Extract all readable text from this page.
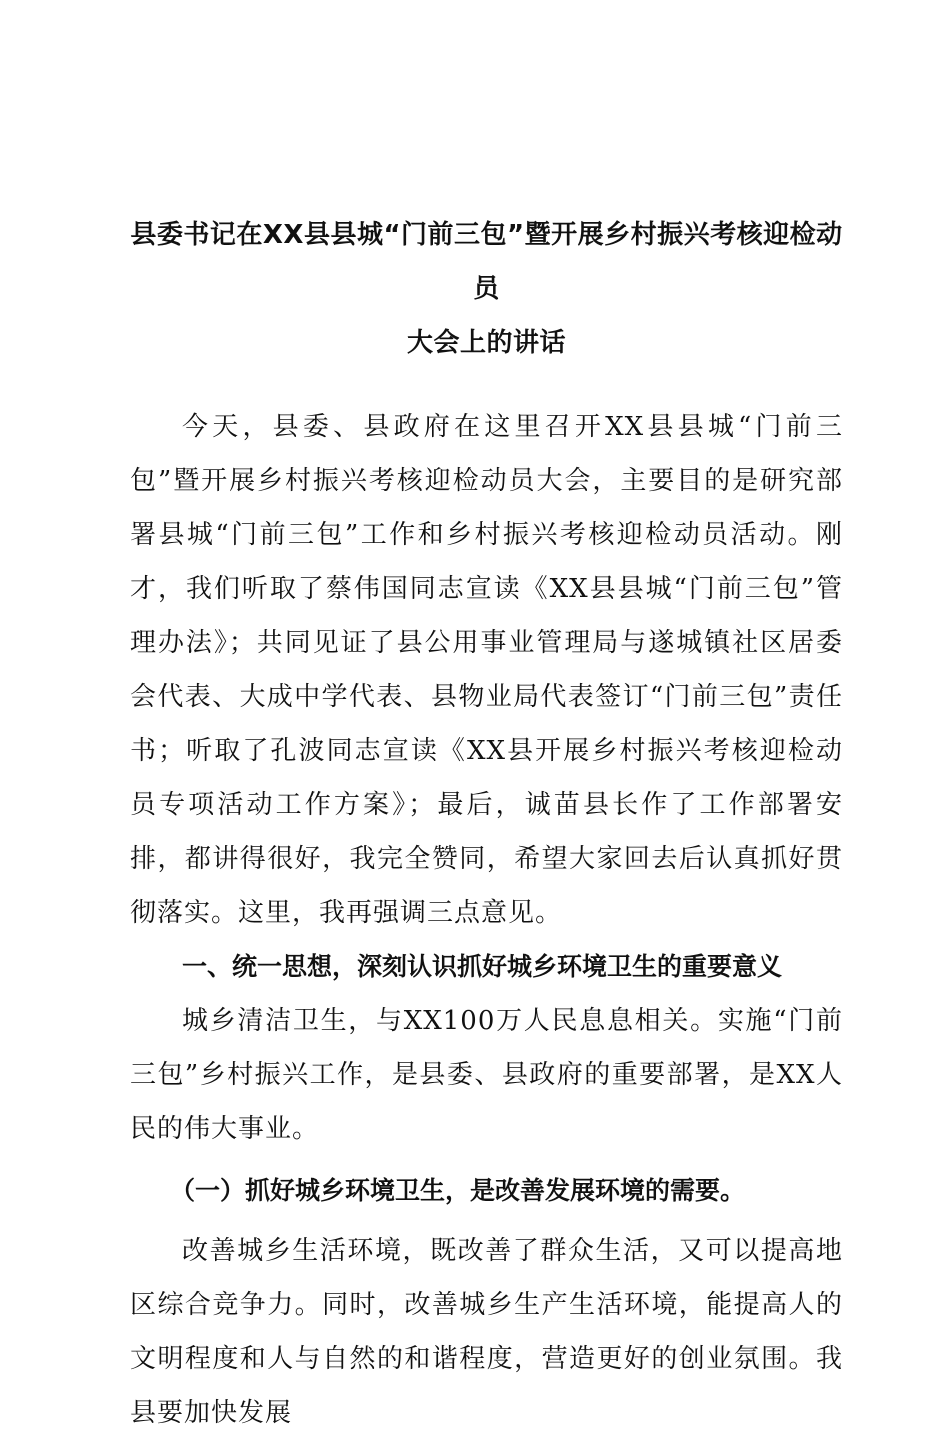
县委书记在XX县县城“门前三包”暨开展乡村振兴考核迎检动员
大会上的讲话

今天，县委、县政府在这里召开XX县县城“门前三包”暨开展乡村振兴考核迎检动员大会，主要目的是研究部署县城“门前三包”工作和乡村振兴考核迎检动员活动。刚才，我们听取了蔡伟国同志宣读《XX县县城“门前三包”管理办法》；共同见证了县公用事业管理局与遂城镇社区居委会代表、大成中学代表、县物业局代表签订“门前三包”责任书；听取了孔波同志宣读《XX县开展乡村振兴考核迎检动员专项活动工作方案》；最后，诚苗县长作了工作部署安排，都讲得很好，我完全赞同，希望大家回去后认真抓好贯彻落实。这里，我再强调三点意见。

一、统一思想，深刻认识抓好城乡环境卫生的重要意义

城乡清洁卫生，与XX100万人民息息相关。实施“门前三包”乡村振兴工作，是县委、县政府的重要部署，是XX人民的伟大事业。

（一）抓好城乡环境卫生，是改善发展环境的需要。

改善城乡生活环境，既改善了群众生活，又可以提高地区综合竞争力。同时，改善城乡生产生活环境，能提高人的文明程度和人与自然的和谐程度，营造更好的创业氛围。我县要加快发展
